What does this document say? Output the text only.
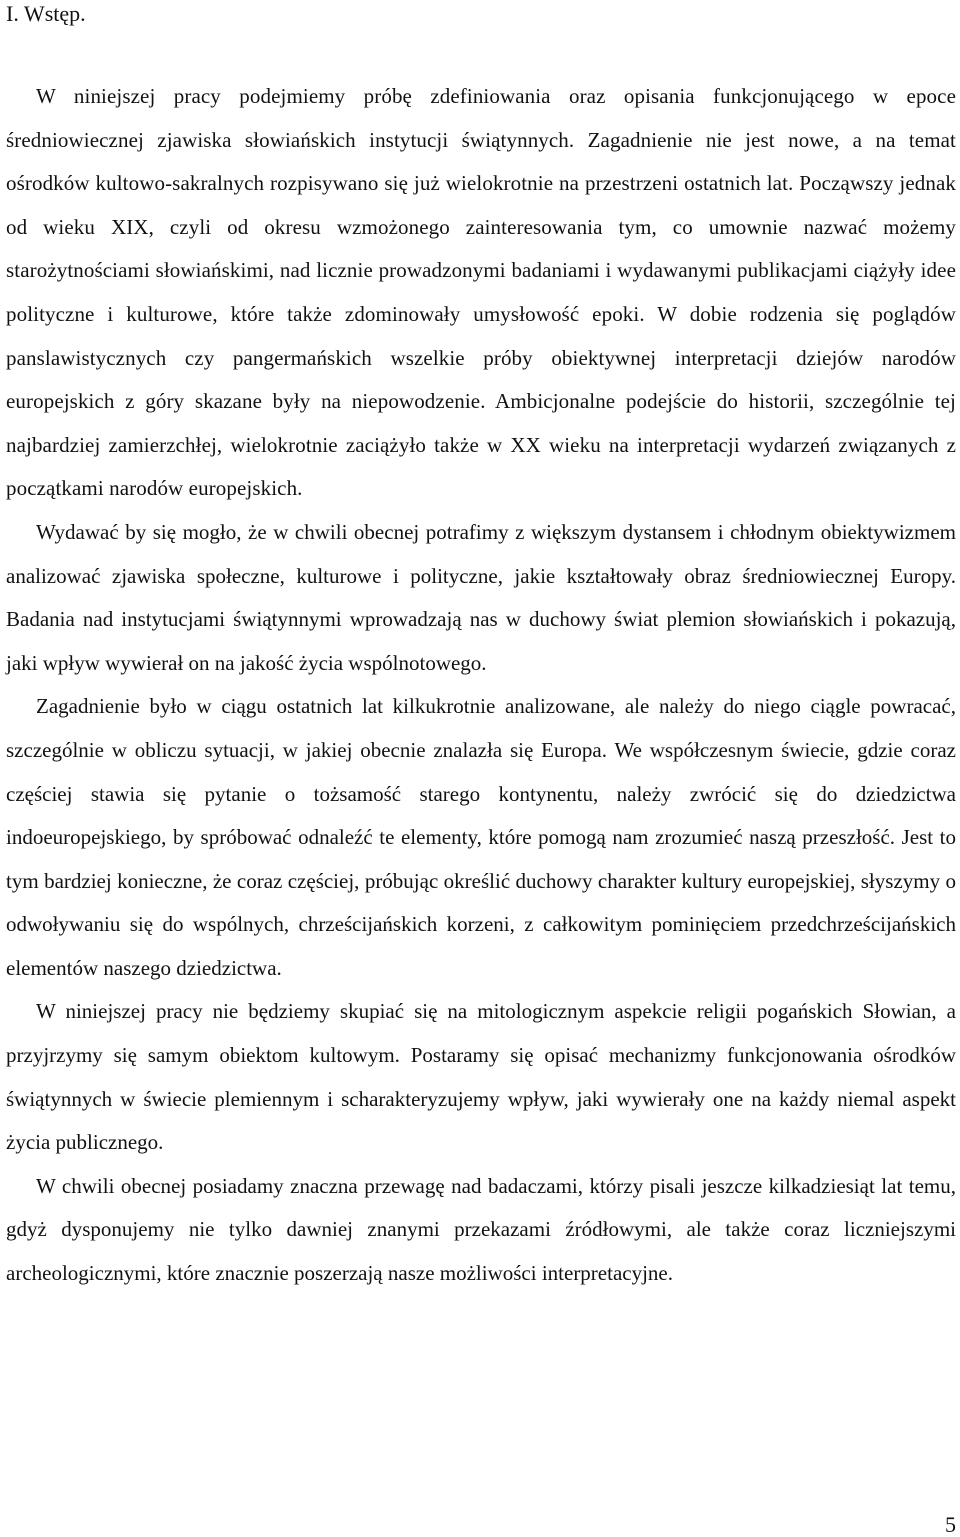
I. Wstęp.

W niniejszej pracy podejmiemy próbę zdefiniowania oraz opisania funkcjonującego w epoce średniowiecznej zjawiska słowiańskich instytucji świątynnych. Zagadnienie nie jest nowe, a na temat ośrodków kultowo-sakralnych rozpisywano się już wielokrotnie na przestrzeni ostatnich lat. Począwszy jednak od wieku XIX, czyli od okresu wzmożonego zainteresowania tym, co umownie nazwać możemy starożytnościami słowiańskimi, nad licznie prowadzonymi badaniami i wydawanymi publikacjami ciążyły idee polityczne i kulturowe, które także zdominowały umysłowość epoki. W dobie rodzenia się poglądów panslawistycznych czy pangermańskich wszelkie próby obiektywnej interpretacji dziejów narodów europejskich z góry skazane były na niepowodzenie. Ambicjonalne podejście do historii, szczególnie tej najbardziej zamierzchłej, wielokrotnie zaciążyło także w XX wieku na interpretacji wydarzeń związanych z początkami narodów europejskich.

Wydawać by się mogło, że w chwili obecnej potrafimy z większym dystansem i chłodnym obiektywizmem analizować zjawiska społeczne, kulturowe i polityczne, jakie kształtowały obraz średniowiecznej Europy. Badania nad instytucjami świątynnymi wprowadzają nas w duchowy świat plemion słowiańskich i pokazują, jaki wpływ wywierał on na jakość życia wspólnotowego.

Zagadnienie było w ciągu ostatnich lat kilkukrotnie analizowane, ale należy do niego ciągle powracać, szczególnie w obliczu sytuacji, w jakiej obecnie znalazła się Europa. We współczesnym świecie, gdzie coraz częściej stawia się pytanie o tożsamość starego kontynentu, należy zwrócić się do dziedzictwa indoeuropejskiego, by spróbować odnaleźć te elementy, które pomogą nam zrozumieć naszą przeszłość. Jest to tym bardziej konieczne, że coraz częściej, próbując określić duchowy charakter kultury europejskiej, słyszymy o odwoływaniu się do wspólnych, chrześcijańskich korzeni, z całkowitym pominięciem przedchrześcijańskich elementów naszego dziedzictwa.

W niniejszej pracy nie będziemy skupiać się na mitologicznym aspekcie religii pogańskich Słowian, a przyjrzymy się samym obiektom kultowym. Postaramy się opisać mechanizmy funkcjonowania ośrodków świątynnych w świecie plemiennym i scharakteryzujemy wpływ, jaki wywierały one na każdy niemal aspekt życia publicznego.

W chwili obecnej posiadamy znaczna przewagę nad badaczami, którzy pisali jeszcze kilkadziesiąt lat temu, gdyż dysponujemy nie tylko dawniej znanymi przekazami źródłowymi, ale także coraz liczniejszymi archeologicznymi, które znacznie poszerzają nasze możliwości interpretacyjne.

5
